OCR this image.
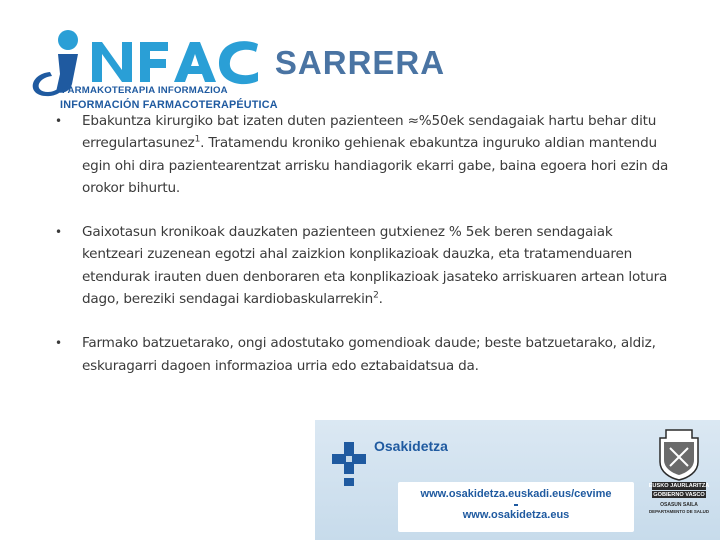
SARRERA
• Ebakuntza kirurgiko bat izaten duten pazienteen ≈%50ek sendagaiak hartu behar ditu erregulartasunez$^1$. Tratamendu kroniko gehienak ebakuntza inguruko aldian mantendu egin ohi dira pazientearentzat arrisku handiagorik ekarri gabe, baina egoera hori ezin da orokor bihurtu.
• Gaixotasun kronikoak dauzkaten pazienteen gutxienez % 5ek beren sendagaiak kentzeari zuzenean egotzi ahal zaizkion konplikazioak dauzka, eta tratamenduaren etendurak irauten duen denboraren eta konplikazioak jasateko arriskuaren artean lotura dago, bereziki sendagai kardiobaskularrekin$^2$.
• Farmako batzuetarako, ongi adostutako gomendioak daude; beste batzuetarako, aldiz, eskuragarri dagoen informazioa urria edo eztabaidatsua da.
FARMAKOTERAPIA INFORMAZIOA
INFORMACIÓN FARMACOTERAPÉUTICA
Osakidetza
www.osakidetza.euskadi.eus/cevime
www.osakidetza.eus
EUSKO JAURLARITZA
GOBIERNO VASCO
OSASUN SAILA
DEPARTAMENTO DE SALUD
